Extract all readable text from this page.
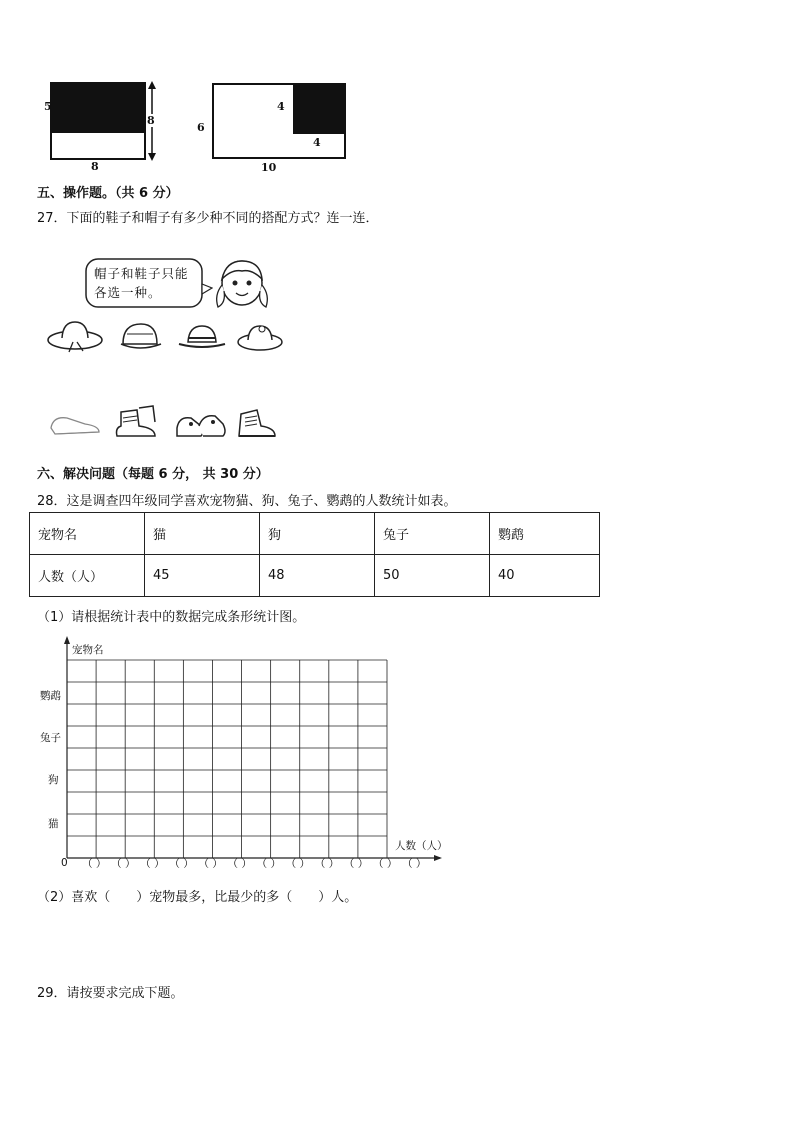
5
8
8
6
4
4
10
五、操作题。（共 6 分）
27．下面的鞋子和帽子有多少种不同的搭配方式？连一连．
帽子和鞋子只能
各选一种。
六、解决问题（每题 6 分， 共 30 分）
28．这是调查四年级同学喜欢宠物猫、狗、兔子、鹦鹉的人数统计如表。
宠物名	猫	狗	兔子	鹦鹉
人数（人）	45	48	50	40
（1）请根据统计表中的数据完成条形统计图。
宠物名
人数（人）
0
鹦鹉
兔子
狗
猫
（ ） （ ） （ ） （ ） （ ） （ ） （ ） （ ） （ ） （ ） （ ） （ ）
（2）喜欢（　　）宠物最多，比最少的多（　　）人。
29．请按要求完成下题。
